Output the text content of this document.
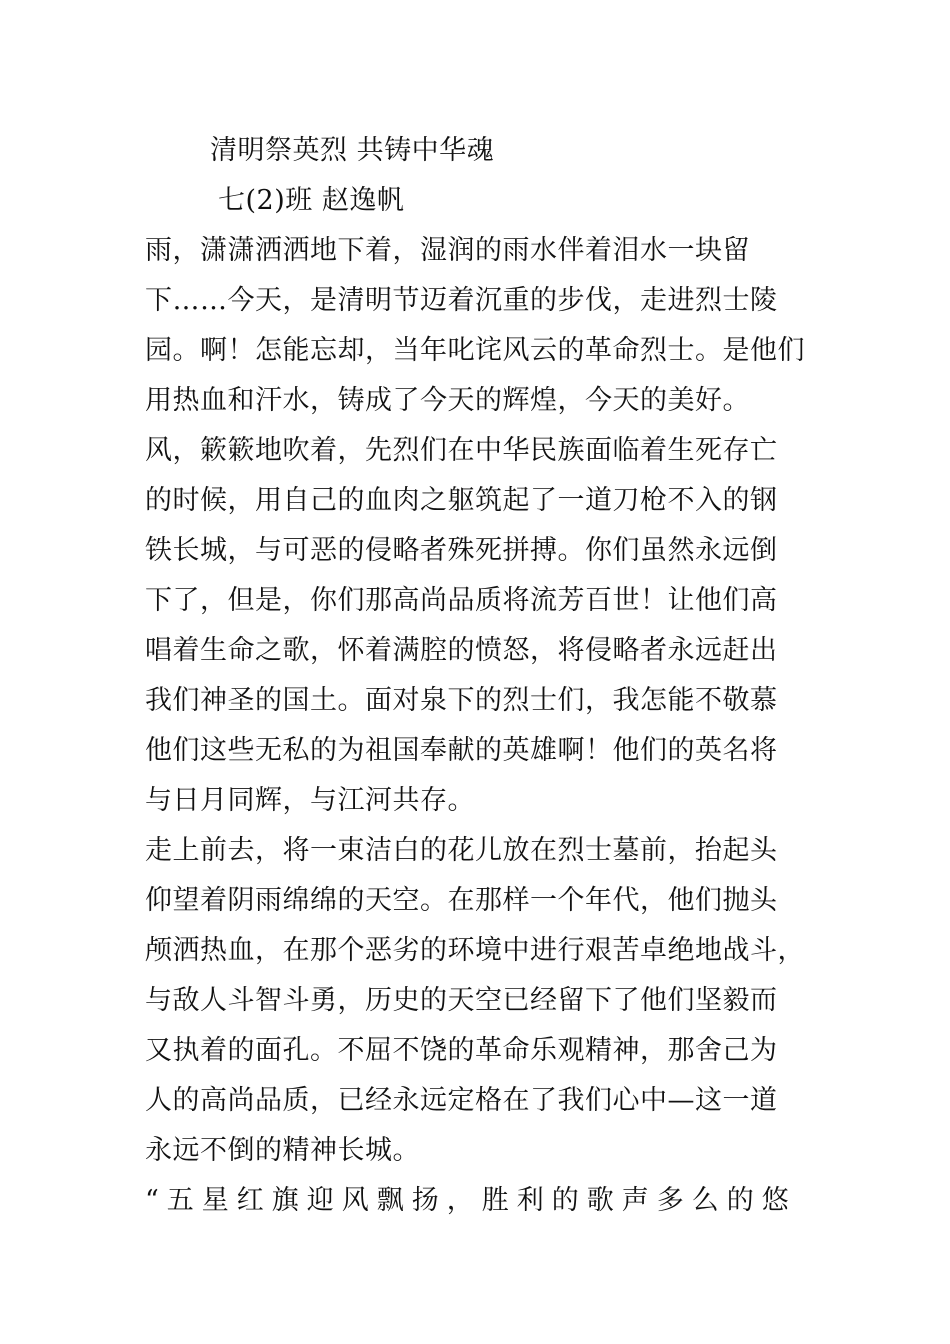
清明祭英烈 共铸中华魂
七(2)班 赵逸帆
雨，潇潇洒洒地下着，湿润的雨水伴着泪水一块留
下……今天，是清明节迈着沉重的步伐，走进烈士陵
园。啊！怎能忘却，当年叱诧风云的革命烈士。是他们
用热血和汗水，铸成了今天的辉煌，今天的美好。
风，簌簌地吹着，先烈们在中华民族面临着生死存亡
的时候，用自己的血肉之躯筑起了一道刀枪不入的钢
铁长城，与可恶的侵略者殊死拼搏。你们虽然永远倒
下了，但是，你们那高尚品质将流芳百世！让他们高
唱着生命之歌，怀着满腔的愤怒，将侵略者永远赶出
我们神圣的国土。面对泉下的烈士们，我怎能不敬慕
他们这些无私的为祖国奉献的英雄啊！他们的英名将
与日月同辉，与江河共存。
走上前去，将一束洁白的花儿放在烈士墓前，抬起头
仰望着阴雨绵绵的天空。在那样一个年代，他们抛头
颅洒热血，在那个恶劣的环境中进行艰苦卓绝地战斗，
与敌人斗智斗勇，历史的天空已经留下了他们坚毅而
又执着的面孔。不屈不饶的革命乐观精神，那舍己为
人的高尚品质，已经永远定格在了我们心中—这一道
永远不倒的精神长城。
“五星红旗迎风飘扬，胜利的歌声多么的悠
